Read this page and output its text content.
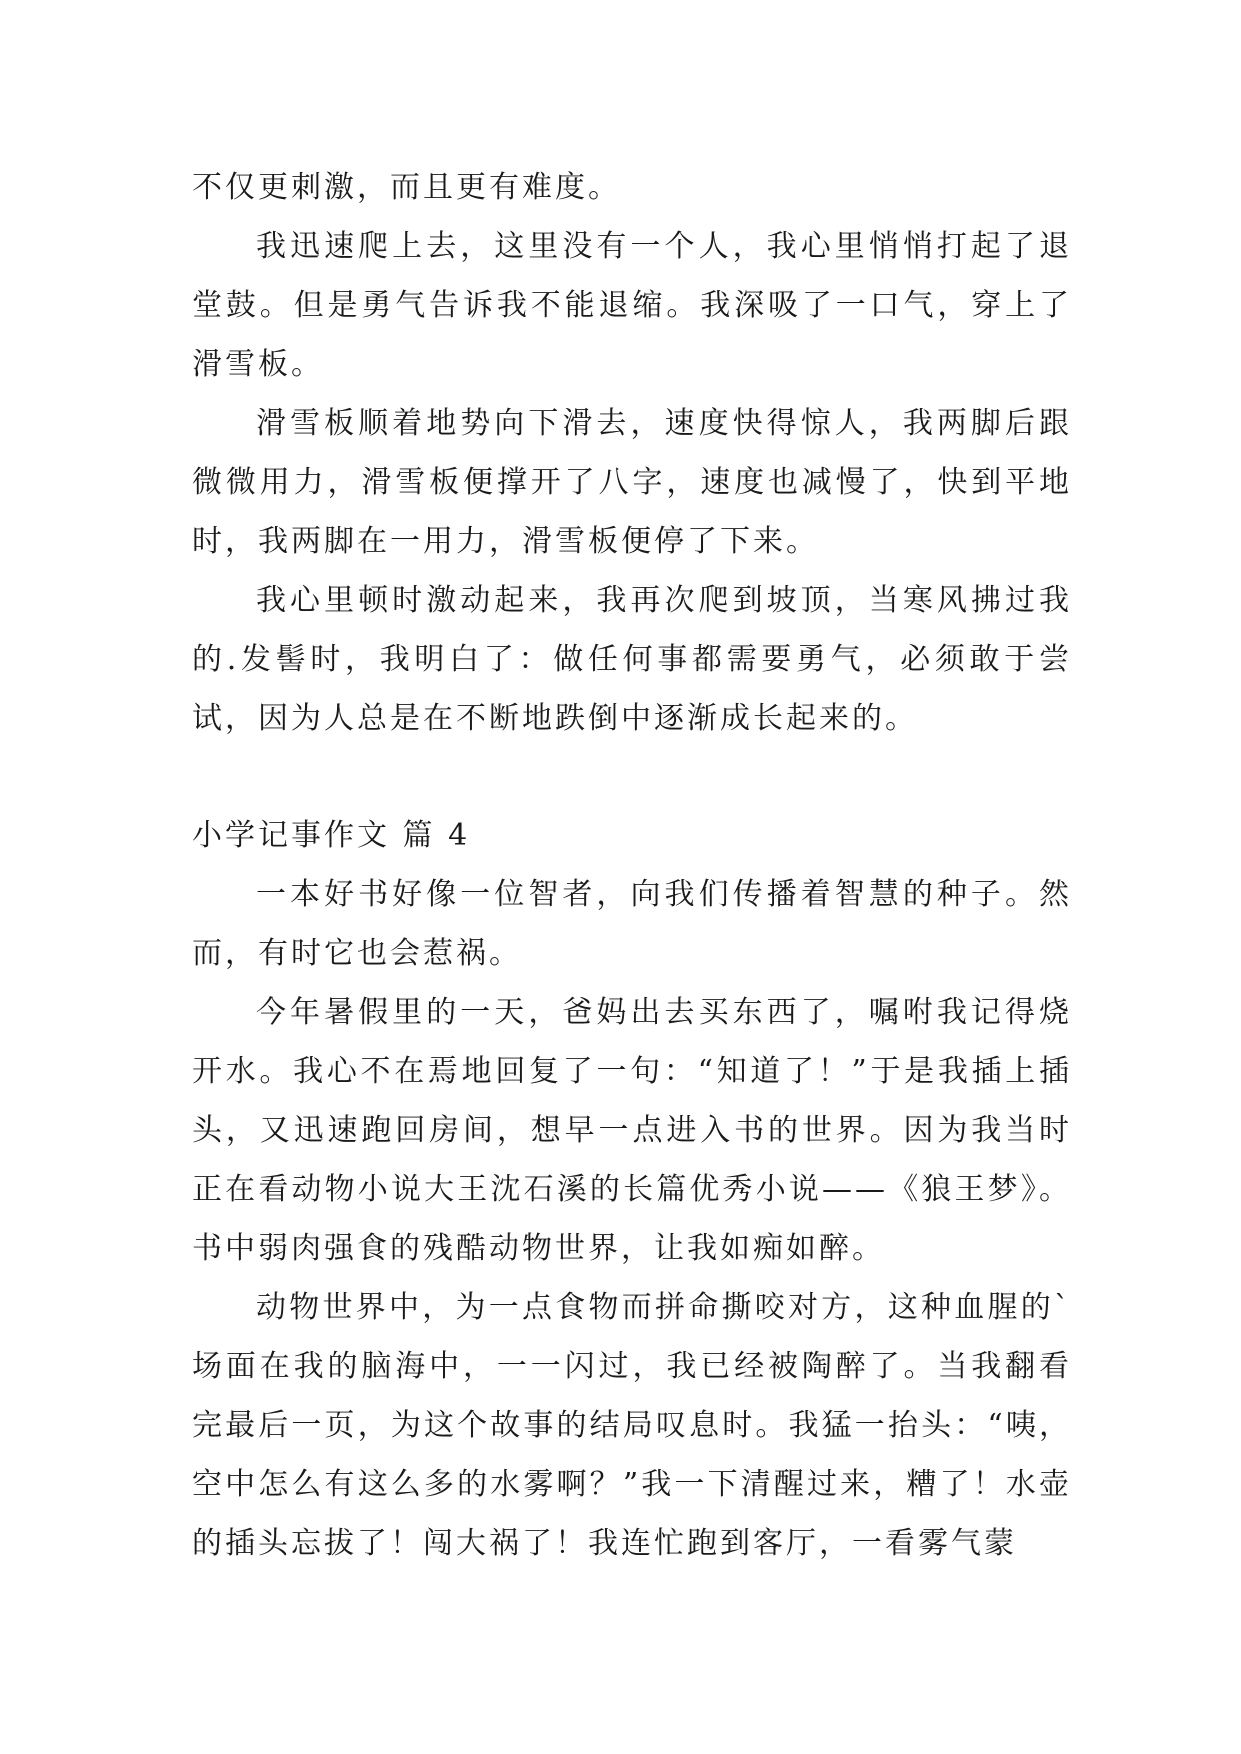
不仅更刺激，而且更有难度。

我迅速爬上去，这里没有一个人，我心里悄悄打起了退堂鼓。但是勇气告诉我不能退缩。我深吸了一口气，穿上了滑雪板。

滑雪板顺着地势向下滑去，速度快得惊人，我两脚后跟微微用力，滑雪板便撑开了八字，速度也减慢了，快到平地时，我两脚在一用力，滑雪板便停了下来。

我心里顿时激动起来，我再次爬到坡顶，当寒风拂过我的.发髻时，我明白了：做任何事都需要勇气，必须敢于尝试，因为人总是在不断地跌倒中逐渐成长起来的。

小学记事作文 篇 4

一本好书好像一位智者，向我们传播着智慧的种子。然而，有时它也会惹祸。

今年暑假里的一天，爸妈出去买东西了，嘱咐我记得烧开水。我心不在焉地回复了一句：“知道了！”于是我插上插头，又迅速跑回房间，想早一点进入书的世界。因为我当时正在看动物小说大王沈石溪的长篇优秀小说——《狼王梦》。书中弱肉强食的残酷动物世界，让我如痴如醉。

动物世界中，为一点食物而拼命撕咬对方，这种血腥的`场面在我的脑海中，一一闪过，我已经被陶醉了。当我翻看完最后一页，为这个故事的结局叹息时。我猛一抬头：“咦，空中怎么有这么多的水雾啊？”我一下清醒过来，糟了！水壶的插头忘拔了！闯大祸了！我连忙跑到客厅，一看雾气蒙
